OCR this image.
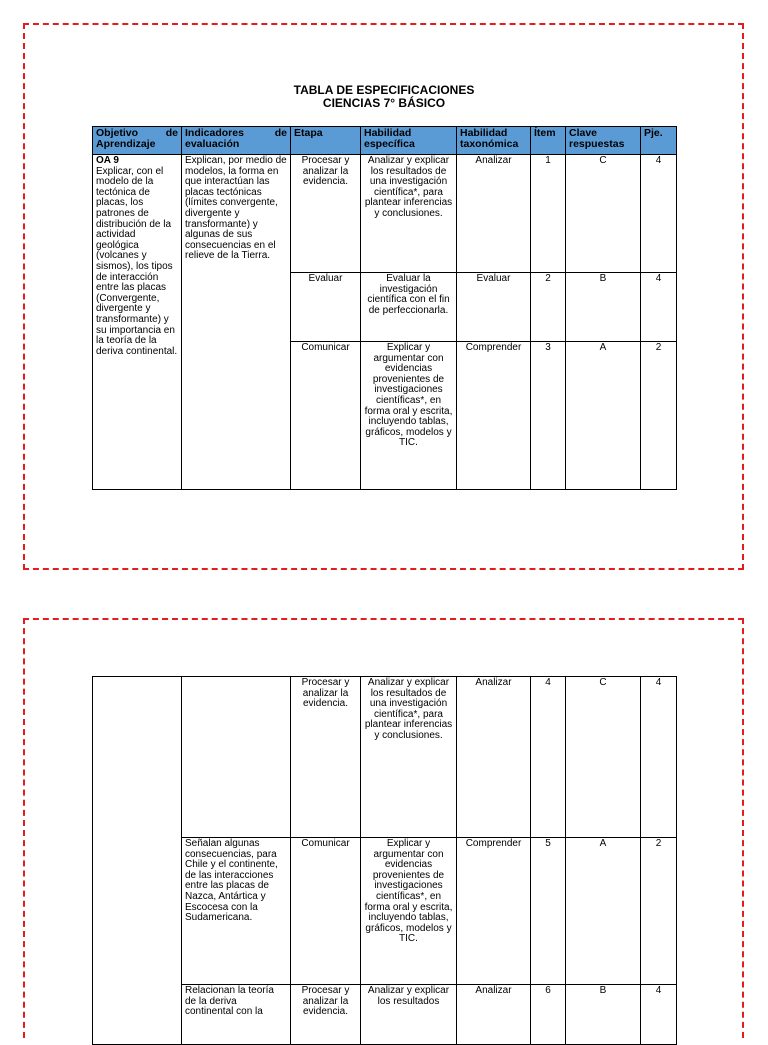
TABLA DE ESPECIFICACIONES
CIENCIAS 7° BÁSICO
Objetivo de Aprendizaje	Indicadores de evaluación	Etapa	Habilidad específica	Habilidad taxonómica	Ítem	Clave respuestas	Pje.

OA 9
Explicar, con el modelo de la tectónica de placas, los patrones de distribución de la actividad geológica (volcanes y sismos), los tipos de interacción entre las placas (Convergente, divergente y transformante) y su importancia en la teoría de la deriva continental.	Explican, por medio de modelos, la forma en que interactúan las placas tectónicas (límites convergente, divergente y transformante) y algunas de sus consecuencias en el relieve de la Tierra.	Procesar y analizar la evidencia.	Analizar y explicar los resultados de una investigación científica*, para plantear inferencias y conclusiones.	Analizar	1	C	4
		Evaluar	Evaluar la investigación científica con el fin de perfeccionarla.	Evaluar	2	B	4
		Comunicar	Explicar y argumentar con evidencias provenientes de investigaciones científicas*, en forma oral y escrita, incluyendo tablas, gráficos, modelos y TIC.	Comprender	3	A	2
		Procesar y analizar la evidencia.	Analizar y explicar los resultados de una investigación científica*, para plantear inferencias y conclusiones.	Analizar	4	C	4
	Señalan algunas consecuencias, para Chile y el continente, de las interacciones entre las placas de Nazca, Antártica y Escocesa con la Sudamericana.	Comunicar	Explicar y argumentar con evidencias provenientes de investigaciones científicas*, en forma oral y escrita, incluyendo tablas, gráficos, modelos y TIC.	Comprender	5	A	2
	Relacionan la teoría de la deriva continental con la	Procesar y analizar la evidencia.	Analizar y explicar los resultados	Analizar	6	B	4
